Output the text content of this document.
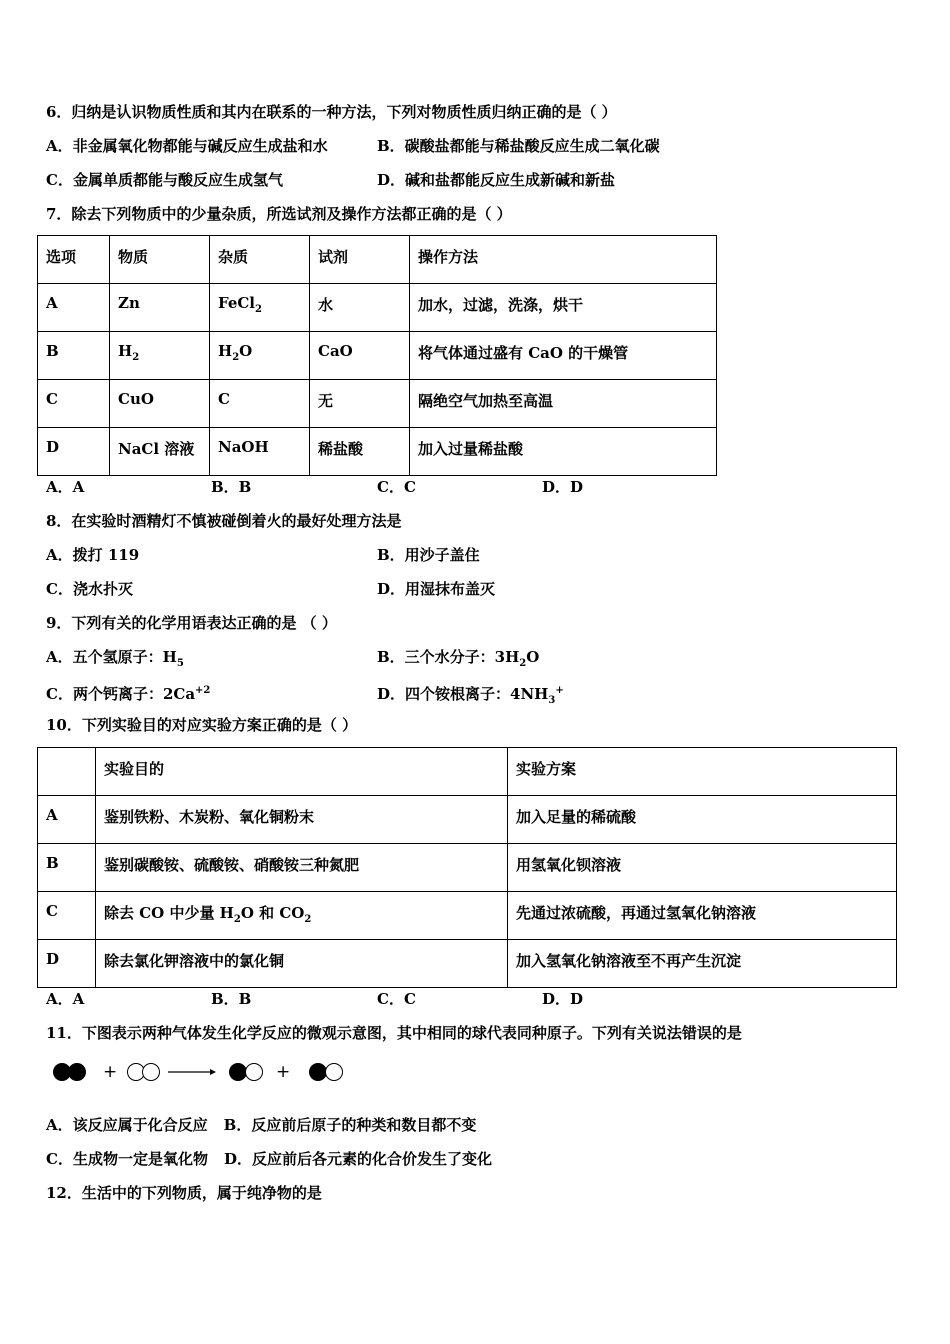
6．归纳是认识物质性质和其内在联系的一种方法，下列对物质性质归纳正确的是（ ）
A．非金属氧化物都能与碱反应生成盐和水	B．碳酸盐都能与稀盐酸反应生成二氧化碳
C．金属单质都能与酸反应生成氢气	D．碱和盐都能反应生成新碱和新盐
7．除去下列物质中的少量杂质，所选试剂及操作方法都正确的是（ ）
选项	物质	杂质	试剂	操作方法
A	Zn	FeCl$_2$	水	加水，过滤，洗涤，烘干
B	$H_2$	$H_2O$	CaO	将气体通过盛有 CaO 的干燥管
C	CuO	C	无	隔绝空气加热至高温
D	NaCl 溶液	NaOH	稀盐酸	加入过量稀盐酸
A．A	B．B	C．C	D．D
8．在实验时酒精灯不慎被碰倒着火的最好处理方法是
A．拨打 119	B．用沙子盖住
C．浇水扑灭	D．用湿抹布盖灭
9．下列有关的化学用语表达正确的是 （ ）
A．五个氢原子：$H_5$	B．三个水分子：$3H_2O$
C．两个钙离子：$2Ca^{+2}$	D．四个铵根离子：$4NH_3^+$
10．下列实验目的对应实验方案正确的是（ ）
	实验目的	实验方案
A	鉴别铁粉、木炭粉、氧化铜粉末	加入足量的稀硫酸
B	鉴别碳酸铵、硫酸铵、硝酸铵三种氮肥	用氢氧化钡溶液
C	除去 CO 中少量 $H_2O$ 和 $CO_2$	先通过浓硫酸，再通过氢氧化钠溶液
D	除去氯化钾溶液中的氯化铜	加入氢氧化钠溶液至不再产生沉淀
A．A	B．B	C．C	D．D
11．下图表示两种气体发生化学反应的微观示意图，其中相同的球代表同种原子。下列有关说法错误的是
+	+
A．该反应属于化合反应 B．反应前后原子的种类和数目都不变
C．生成物一定是氧化物 D．反应前后各元素的化合价发生了变化
12．生活中的下列物质，属于纯净物的是
